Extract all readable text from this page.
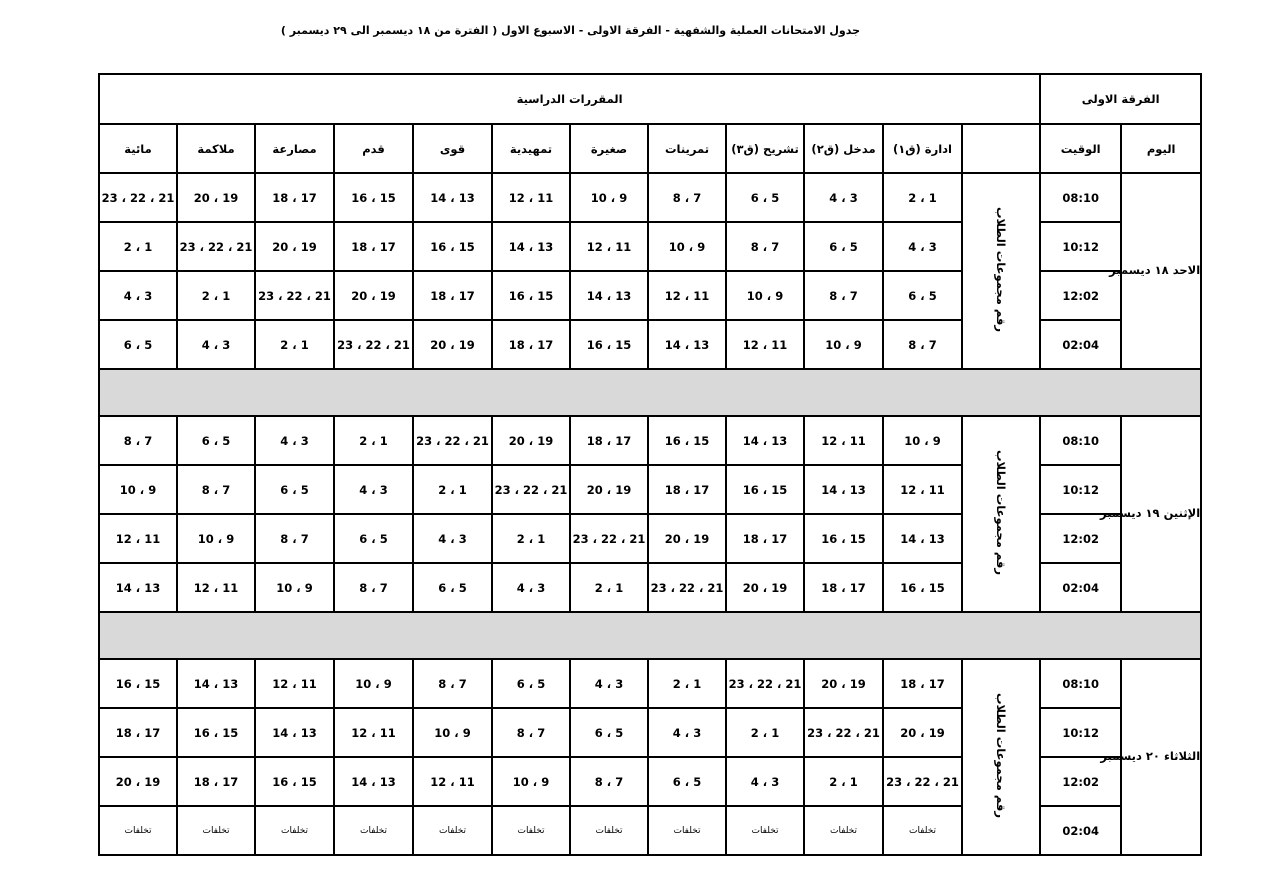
جدول الامتحانات العملية والشفهية - الفرقة الاولى - الاسبوع الاول ( الفترة من ١٨ ديسمبر الى ٢٩ ديسمبر )
المقررات الدراسية												الفرقة الاولى	
مائية	ملاكمة	مصارعة	قدم	قوى	تمهيدية	صغيرة	تمرينات	تشريح (ق٣)	مدخل (ق٢)	ادارة (ق١)		الوقيت	اليوم
21 ، 22 ، 23	19 ، 20	17 ، 18	15 ، 16	13 ، 14	11 ، 12	9 ، 10	7 ، 8	5 ، 6	3 ، 4	1 ، 2	رقم مجموعات الطلاب	08:10	الاحد ١٨ ديسمبر
1 ، 2	21 ، 22 ، 23	19 ، 20	17 ، 18	15 ، 16	13 ، 14	11 ، 12	9 ، 10	7 ، 8	5 ، 6	3 ، 4		10:12	
3 ، 4	1 ، 2	21 ، 22 ، 23	19 ، 20	17 ، 18	15 ، 16	13 ، 14	11 ، 12	9 ، 10	7 ، 8	5 ، 6		12:02	
5 ، 6	3 ، 4	1 ، 2	21 ، 22 ، 23	19 ، 20	17 ، 18	15 ، 16	13 ، 14	11 ، 12	9 ، 10	7 ، 8		02:04	

7 ، 8	5 ، 6	3 ، 4	1 ، 2	21 ، 22 ، 23	19 ، 20	17 ، 18	15 ، 16	13 ، 14	11 ، 12	9 ، 10	رقم مجموعات الطلاب	08:10	الإثنين ١٩ ديسمبر
9 ، 10	7 ، 8	5 ، 6	3 ، 4	1 ، 2	21 ، 22 ، 23	19 ، 20	17 ، 18	15 ، 16	13 ، 14	11 ، 12		10:12	
11 ، 12	9 ، 10	7 ، 8	5 ، 6	3 ، 4	1 ، 2	21 ، 22 ، 23	19 ، 20	17 ، 18	15 ، 16	13 ، 14		12:02	
13 ، 14	11 ، 12	9 ، 10	7 ، 8	5 ، 6	3 ، 4	1 ، 2	21 ، 22 ، 23	19 ، 20	17 ، 18	15 ، 16		02:04	

15 ، 16	13 ، 14	11 ، 12	9 ، 10	7 ، 8	5 ، 6	3 ، 4	1 ، 2	21 ، 22 ، 23	19 ، 20	17 ، 18	رقم مجموعات الطلاب	08:10	الثلاثاء ٢٠ ديسمبر
17 ، 18	15 ، 16	13 ، 14	11 ، 12	9 ، 10	7 ، 8	5 ، 6	3 ، 4	1 ، 2	21 ، 22 ، 23	19 ، 20		10:12	
19 ، 20	17 ، 18	15 ، 16	13 ، 14	11 ، 12	9 ، 10	7 ، 8	5 ، 6	3 ، 4	1 ، 2	21 ، 22 ، 23		12:02	
تخلفات	تخلفات	تخلفات	تخلفات	تخلفات	تخلفات	تخلفات	تخلفات	تخلفات	تخلفات	تخلفات		02:04	
